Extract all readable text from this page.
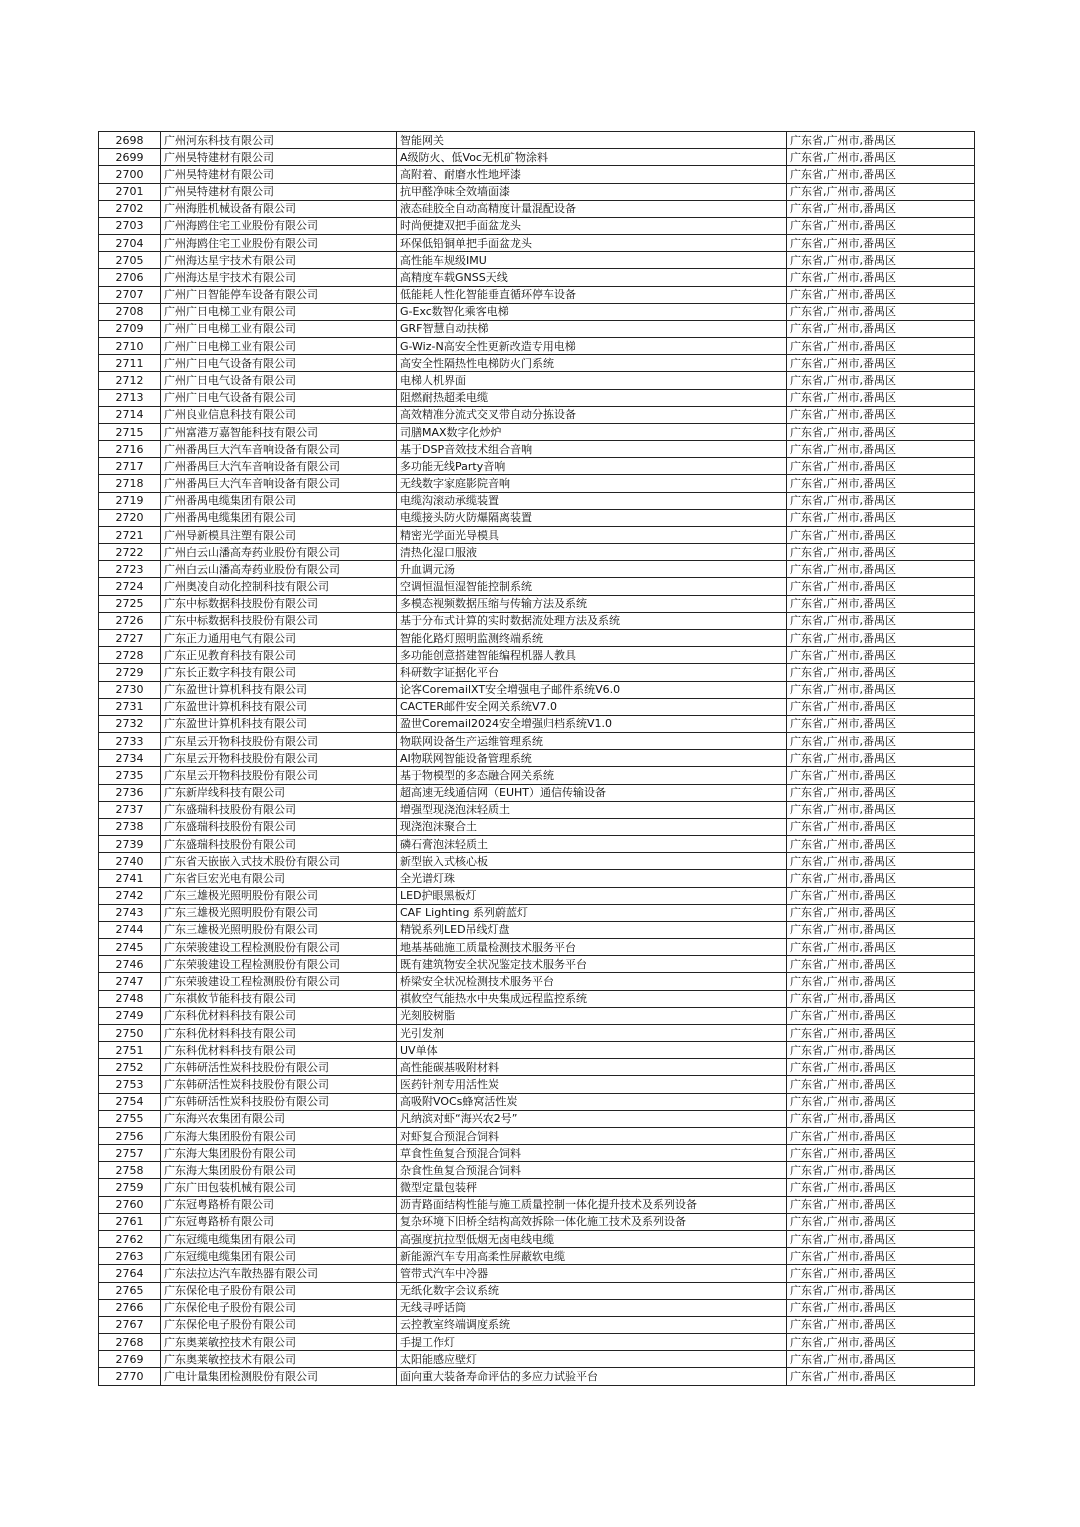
2698	广州河东科技有限公司	智能网关	广东省,广州市,番禺区
2699	广州昊特建材有限公司	A级防火、低Voc无机矿物涂料	广东省,广州市,番禺区
2700	广州昊特建材有限公司	高附着、耐磨水性地坪漆	广东省,广州市,番禺区
2701	广州昊特建材有限公司	抗甲醛净味全效墙面漆	广东省,广州市,番禺区
2702	广州海胜机械设备有限公司	液态硅胶全自动高精度计量混配设备	广东省,广州市,番禺区
2703	广州海鸥住宅工业股份有限公司	时尚便捷双把手面盆龙头	广东省,广州市,番禺区
2704	广州海鸥住宅工业股份有限公司	环保低铅铜单把手面盆龙头	广东省,广州市,番禺区
2705	广州海达星宇技术有限公司	高性能车规级IMU	广东省,广州市,番禺区
2706	广州海达星宇技术有限公司	高精度车载GNSS天线	广东省,广州市,番禺区
2707	广州广日智能停车设备有限公司	低能耗人性化智能垂直循环停车设备	广东省,广州市,番禺区
2708	广州广日电梯工业有限公司	G-Exc数智化乘客电梯	广东省,广州市,番禺区
2709	广州广日电梯工业有限公司	GRF智慧自动扶梯	广东省,广州市,番禺区
2710	广州广日电梯工业有限公司	G-Wiz-N高安全性更新改造专用电梯	广东省,广州市,番禺区
2711	广州广日电气设备有限公司	高安全性隔热性电梯防火门系统	广东省,广州市,番禺区
2712	广州广日电气设备有限公司	电梯人机界面	广东省,广州市,番禺区
2713	广州广日电气设备有限公司	阻燃耐热超柔电缆	广东省,广州市,番禺区
2714	广州良业信息科技有限公司	高效精准分流式交叉带自动分拣设备	广东省,广州市,番禺区
2715	广州富港万嘉智能科技有限公司	司膳MAX数字化炒炉	广东省,广州市,番禺区
2716	广州番禺巨大汽车音响设备有限公司	基于DSP音效技术组合音响	广东省,广州市,番禺区
2717	广州番禺巨大汽车音响设备有限公司	多功能无线Party音响	广东省,广州市,番禺区
2718	广州番禺巨大汽车音响设备有限公司	无线数字家庭影院音响	广东省,广州市,番禺区
2719	广州番禺电缆集团有限公司	电缆沟滚动承缆装置	广东省,广州市,番禺区
2720	广州番禺电缆集团有限公司	电缆接头防火防爆隔离装置	广东省,广州市,番禺区
2721	广州导新模具注塑有限公司	精密光学面光导模具	广东省,广州市,番禺区
2722	广州白云山潘高寿药业股份有限公司	清热化湿口服液	广东省,广州市,番禺区
2723	广州白云山潘高寿药业股份有限公司	升血调元汤	广东省,广州市,番禺区
2724	广州奥凌自动化控制科技有限公司	空调恒温恒湿智能控制系统	广东省,广州市,番禺区
2725	广东中标数据科技股份有限公司	多模态视频数据压缩与传输方法及系统	广东省,广州市,番禺区
2726	广东中标数据科技股份有限公司	基于分布式计算的实时数据流处理方法及系统	广东省,广州市,番禺区
2727	广东正力通用电气有限公司	智能化路灯照明监测终端系统	广东省,广州市,番禺区
2728	广东正见教育科技有限公司	多功能创意搭建智能编程机器人教具	广东省,广州市,番禺区
2729	广东长正数字科技有限公司	科研数字证据化平台	广东省,广州市,番禺区
2730	广东盈世计算机科技有限公司	论客CoremailXT安全增强电子邮件系统V6.0	广东省,广州市,番禺区
2731	广东盈世计算机科技有限公司	CACTER邮件安全网关系统V7.0	广东省,广州市,番禺区
2732	广东盈世计算机科技有限公司	盈世Coremail2024安全增强归档系统V1.0	广东省,广州市,番禺区
2733	广东星云开物科技股份有限公司	物联网设备生产运维管理系统	广东省,广州市,番禺区
2734	广东星云开物科技股份有限公司	AI物联网智能设备管理系统	广东省,广州市,番禺区
2735	广东星云开物科技股份有限公司	基于物模型的多态融合网关系统	广东省,广州市,番禺区
2736	广东新岸线科技有限公司	超高速无线通信网（EUHT）通信传输设备	广东省,广州市,番禺区
2737	广东盛瑞科技股份有限公司	增强型现浇泡沫轻质土	广东省,广州市,番禺区
2738	广东盛瑞科技股份有限公司	现浇泡沫聚合土	广东省,广州市,番禺区
2739	广东盛瑞科技股份有限公司	磷石膏泡沫轻质土	广东省,广州市,番禺区
2740	广东省天嵌嵌入式技术股份有限公司	新型嵌入式核心板	广东省,广州市,番禺区
2741	广东省巨宏光电有限公司	全光谱灯珠	广东省,广州市,番禺区
2742	广东三雄极光照明股份有限公司	LED护眼黑板灯	广东省,广州市,番禺区
2743	广东三雄极光照明股份有限公司	CAF Lighting 系列蔚蓝灯	广东省,广州市,番禺区
2744	广东三雄极光照明股份有限公司	精锐系列LED吊线灯盘	广东省,广州市,番禺区
2745	广东荣骏建设工程检测股份有限公司	地基基础施工质量检测技术服务平台	广东省,广州市,番禺区
2746	广东荣骏建设工程检测股份有限公司	既有建筑物安全状况鉴定技术服务平台	广东省,广州市,番禺区
2747	广东荣骏建设工程检测股份有限公司	桥梁安全状况检测技术服务平台	广东省,广州市,番禺区
2748	广东祺攸节能科技有限公司	祺攸空气能热水中央集成远程监控系统	广东省,广州市,番禺区
2749	广东科优材料科技有限公司	光刻胶树脂	广东省,广州市,番禺区
2750	广东科优材料科技有限公司	光引发剂	广东省,广州市,番禺区
2751	广东科优材料科技有限公司	UV单体	广东省,广州市,番禺区
2752	广东韩研活性炭科技股份有限公司	高性能碳基吸附材料	广东省,广州市,番禺区
2753	广东韩研活性炭科技股份有限公司	医药针剂专用活性炭	广东省,广州市,番禺区
2754	广东韩研活性炭科技股份有限公司	高吸附VOCs蜂窝活性炭	广东省,广州市,番禺区
2755	广东海兴农集团有限公司	凡纳滨对虾“海兴农2号”	广东省,广州市,番禺区
2756	广东海大集团股份有限公司	对虾复合预混合饲料	广东省,广州市,番禺区
2757	广东海大集团股份有限公司	草食性鱼复合预混合饲料	广东省,广州市,番禺区
2758	广东海大集团股份有限公司	杂食性鱼复合预混合饲料	广东省,广州市,番禺区
2759	广东广田包装机械有限公司	微型定量包装秤	广东省,广州市,番禺区
2760	广东冠粤路桥有限公司	沥青路面结构性能与施工质量控制一体化提升技术及系列设备	广东省,广州市,番禺区
2761	广东冠粤路桥有限公司	复杂环境下旧桥全结构高效拆除一体化施工技术及系列设备	广东省,广州市,番禺区
2762	广东冠缆电缆集团有限公司	高强度抗拉型低烟无卤电线电缆	广东省,广州市,番禺区
2763	广东冠缆电缆集团有限公司	新能源汽车专用高柔性屏蔽软电缆	广东省,广州市,番禺区
2764	广东法拉达汽车散热器有限公司	管带式汽车中冷器	广东省,广州市,番禺区
2765	广东保伦电子股份有限公司	无纸化数字会议系统	广东省,广州市,番禺区
2766	广东保伦电子股份有限公司	无线寻呼话筒	广东省,广州市,番禺区
2767	广东保伦电子股份有限公司	云控教室终端调度系统	广东省,广州市,番禺区
2768	广东奥莱敏控技术有限公司	手提工作灯	广东省,广州市,番禺区
2769	广东奥莱敏控技术有限公司	太阳能感应壁灯	广东省,广州市,番禺区
2770	广电计量集团检测股份有限公司	面向重大装备寿命评估的多应力试验平台	广东省,广州市,番禺区
